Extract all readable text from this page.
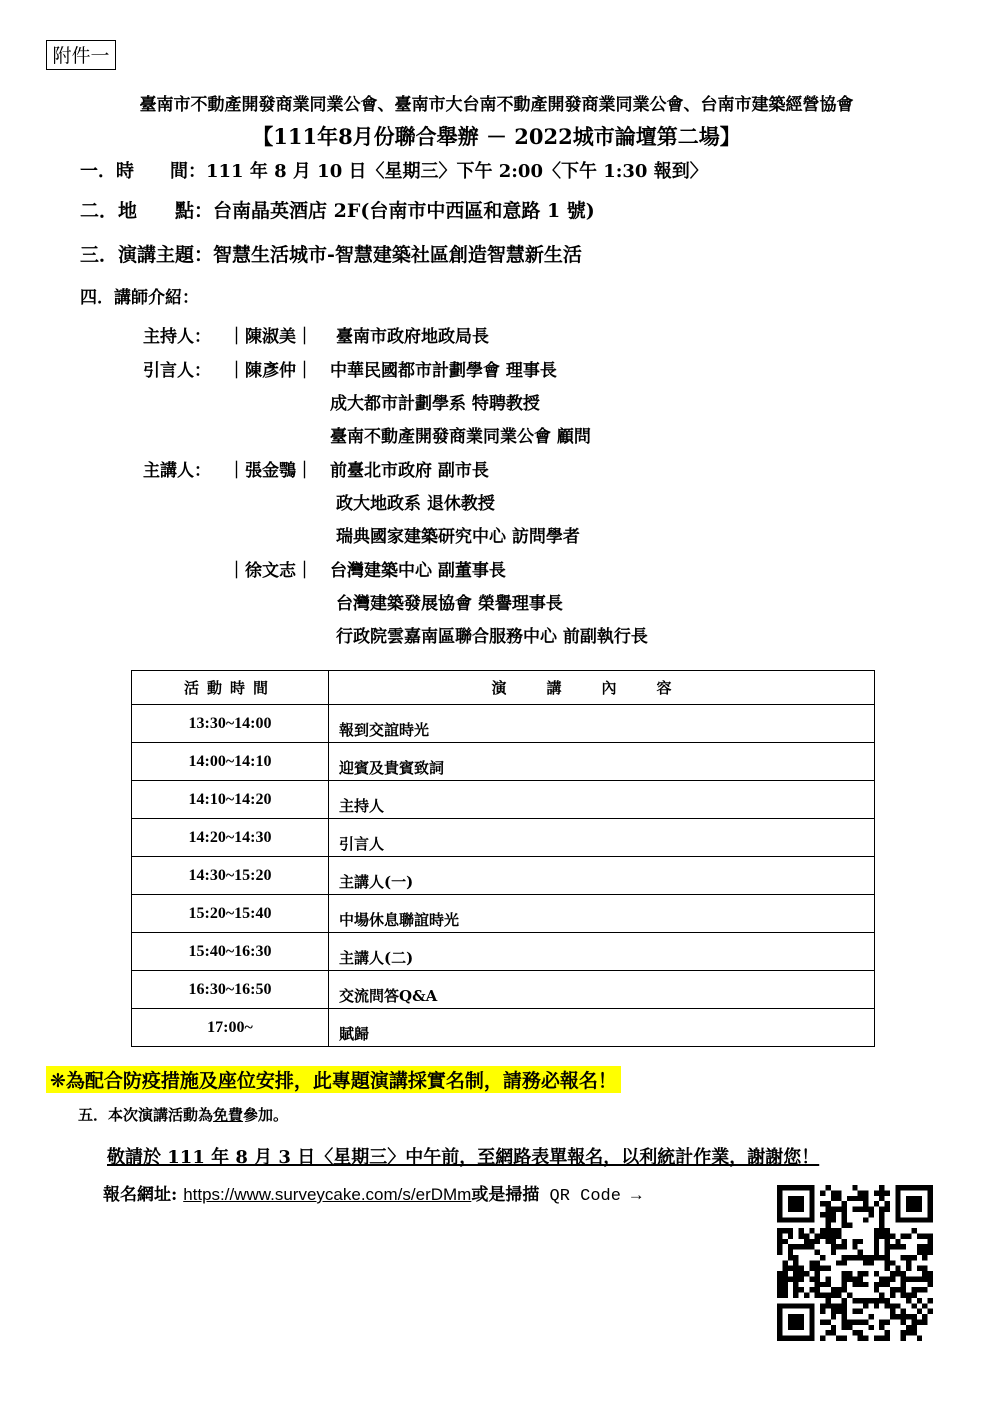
附件一
臺南市不動產開發商業同業公會、臺南市大台南不動產開發商業同業公會、台南市建築經營協會
【111年8月份聯合舉辦 － 2022城市論壇第二場】
一．時　　間：111 年 8 月 10 日〈星期三〉下午 2:00〈下午 1:30 報到〉
二．地　　點：台南晶英酒店 2F(台南市中西區和意路 1 號)
三．演講主題：智慧生活城市-智慧建築社區創造智慧新生活
四．講師介紹：
主持人： ｜陳淑美｜ 臺南市政府地政局長
引言人： ｜陳彥仲｜ 中華民國都市計劃學會 理事長
成大都市計劃學系 特聘教授
臺南不動產開發商業同業公會 顧問
主講人： ｜張金鶚｜ 前臺北市政府 副市長
政大地政系 退休教授
瑞典國家建築研究中心 訪問學者
｜徐文志｜ 台灣建築中心 副董事長
台灣建築發展協會 榮譽理事長
行政院雲嘉南區聯合服務中心 前副執行長
活動時間	演講內容
13:30~14:00	報到交誼時光
14:00~14:10	迎賓及貴賓致詞
14:10~14:20	主持人
14:20~14:30	引言人
14:30~15:20	主講人(一)
15:20~15:40	中場休息聯誼時光
15:40~16:30	主講人(二)
16:30~16:50	交流問答Q&A
17:00~	賦歸
❋為配合防疫措施及座位安排，此專題演講採實名制，請務必報名！
五．本次演講活動為免費參加。
敬請於 111 年 8 月 3 日〈星期三〉中午前，至網路表單報名，以利統計作業，謝謝您！
報名網址: https://www.surveycake.com/s/erDMm或是掃描 QR Code →
